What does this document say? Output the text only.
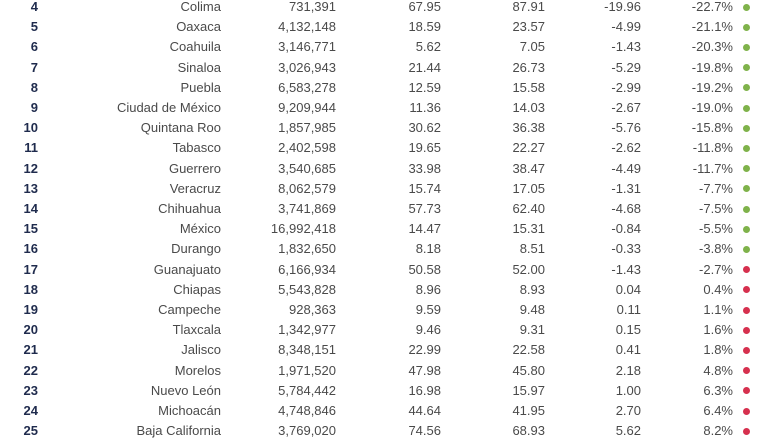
4	Colima	731,391	67.95	87.91	-19.96	-22.7%
5	Oaxaca	4,132,148	18.59	23.57	-4.99	-21.1%
6	Coahuila	3,146,771	5.62	7.05	-1.43	-20.3%
7	Sinaloa	3,026,943	21.44	26.73	-5.29	-19.8%
8	Puebla	6,583,278	12.59	15.58	-2.99	-19.2%
9	Ciudad de México	9,209,944	11.36	14.03	-2.67	-19.0%
10	Quintana Roo	1,857,985	30.62	36.38	-5.76	-15.8%
11	Tabasco	2,402,598	19.65	22.27	-2.62	-11.8%
12	Guerrero	3,540,685	33.98	38.47	-4.49	-11.7%
13	Veracruz	8,062,579	15.74	17.05	-1.31	-7.7%
14	Chihuahua	3,741,869	57.73	62.40	-4.68	-7.5%
15	México	16,992,418	14.47	15.31	-0.84	-5.5%
16	Durango	1,832,650	8.18	8.51	-0.33	-3.8%
17	Guanajuato	6,166,934	50.58	52.00	-1.43	-2.7%
18	Chiapas	5,543,828	8.96	8.93	0.04	0.4%
19	Campeche	928,363	9.59	9.48	0.11	1.1%
20	Tlaxcala	1,342,977	9.46	9.31	0.15	1.6%
21	Jalisco	8,348,151	22.99	22.58	0.41	1.8%
22	Morelos	1,971,520	47.98	45.80	2.18	4.8%
23	Nuevo León	5,784,442	16.98	15.97	1.00	6.3%
24	Michoacán	4,748,846	44.64	41.95	2.70	6.4%
25	Baja California	3,769,020	74.56	68.93	5.62	8.2%
